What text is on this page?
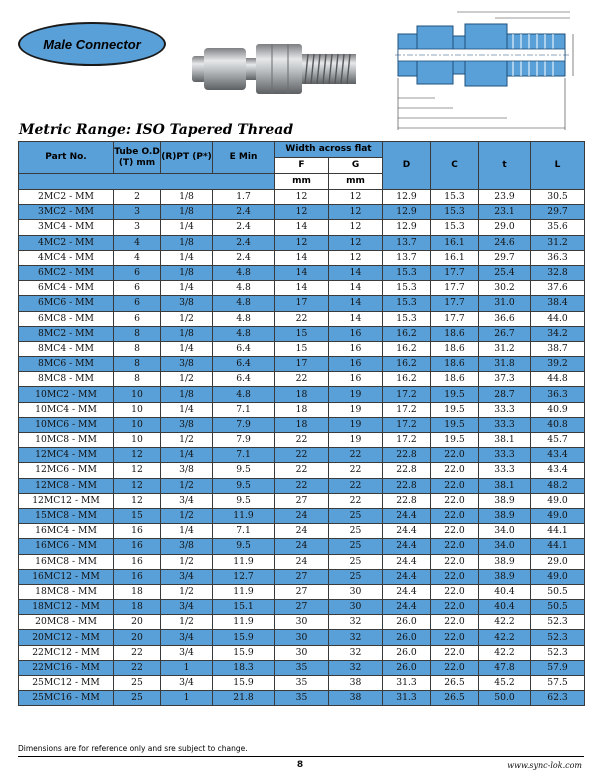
Male Connector
Metric Range: ISO Tapered Thread
Part No.	Tube O.D (T) mm	(R)PT (P*)	E Min	Width across flat		D	C	t	L
				F	G				
				mm	mm				
2MC2 - MM	2	1/8	1.7	12	12	12.9	15.3	23.9	30.5
3MC2 - MM	3	1/8	2.4	12	12	12.9	15.3	23.1	29.7
3MC4 - MM	3	1/4	2.4	14	12	12.9	15.3	29.0	35.6
4MC2 - MM	4	1/8	2.4	12	12	13.7	16.1	24.6	31.2
4MC4 - MM	4	1/4	2.4	14	12	13.7	16.1	29.7	36.3
6MC2 - MM	6	1/8	4.8	14	14	15.3	17.7	25.4	32.8
6MC4 - MM	6	1/4	4.8	14	14	15.3	17.7	30.2	37.6
6MC6 - MM	6	3/8	4.8	17	14	15.3	17.7	31.0	38.4
6MC8 - MM	6	1/2	4.8	22	14	15.3	17.7	36.6	44.0
8MC2 - MM	8	1/8	4.8	15	16	16.2	18.6	26.7	34.2
8MC4 - MM	8	1/4	6.4	15	16	16.2	18.6	31.2	38.7
8MC6 - MM	8	3/8	6.4	17	16	16.2	18.6	31.8	39.2
8MC8 - MM	8	1/2	6.4	22	16	16.2	18.6	37.3	44.8
10MC2 - MM	10	1/8	4.8	18	19	17.2	19.5	28.7	36.3
10MC4 - MM	10	1/4	7.1	18	19	17.2	19.5	33.3	40.9
10MC6 - MM	10	3/8	7.9	18	19	17.2	19.5	33.3	40.8
10MC8 - MM	10	1/2	7.9	22	19	17.2	19.5	38.1	45.7
12MC4 - MM	12	1/4	7.1	22	22	22.8	22.0	33.3	43.4
12MC6 - MM	12	3/8	9.5	22	22	22.8	22.0	33.3	43.4
12MC8 - MM	12	1/2	9.5	22	22	22.8	22.0	38.1	48.2
12MC12 - MM	12	3/4	9.5	27	22	22.8	22.0	38.9	49.0
15MC8 - MM	15	1/2	11.9	24	25	24.4	22.0	38.9	49.0
16MC4 - MM	16	1/4	7.1	24	25	24.4	22.0	34.0	44.1
16MC6 - MM	16	3/8	9.5	24	25	24.4	22.0	34.0	44.1
16MC8 - MM	16	1/2	11.9	24	25	24.4	22.0	38.9	29.0
16MC12 - MM	16	3/4	12.7	27	25	24.4	22.0	38.9	49.0
18MC8 - MM	18	1/2	11.9	27	30	24.4	22.0	40.4	50.5
18MC12 - MM	18	3/4	15.1	27	30	24.4	22.0	40.4	50.5
20MC8 - MM	20	1/2	11.9	30	32	26.0	22.0	42.2	52.3
20MC12 - MM	20	3/4	15.9	30	32	26.0	22.0	42.2	52.3
22MC12 - MM	22	3/4	15.9	30	32	26.0	22.0	42.2	52.3
22MC16 - MM	22	1	18.3	35	32	26.0	22.0	47.8	57.9
25MC12 - MM	25	3/4	15.9	35	38	31.3	26.5	45.2	57.5
25MC16 - MM	25	1	21.8	35	38	31.3	26.5	50.0	62.3
Dimensions are for reference only and sre subject to change.
8	www.sync-lok.com
